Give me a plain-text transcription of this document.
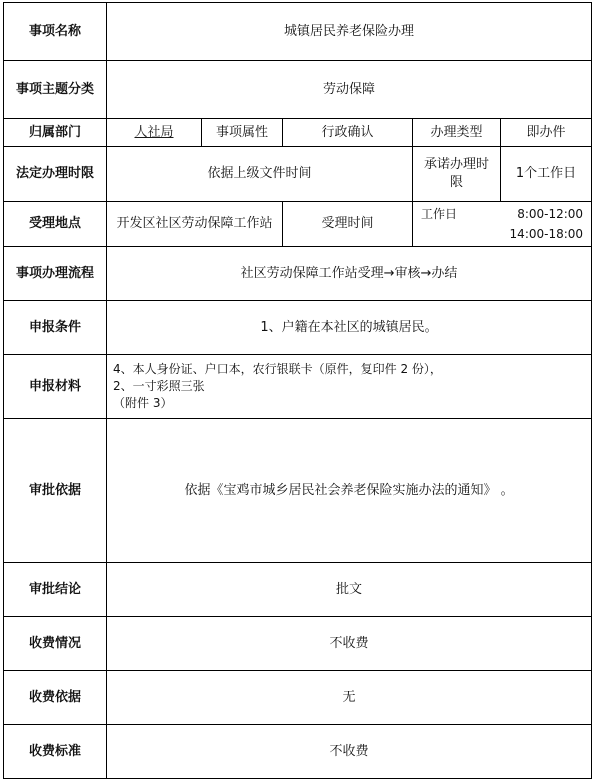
事项名称	城镇居民养老保险办理				
事项主题分类	劳动保障				
归属部门	人社局	事项属性	行政确认	办理类型	即办件
法定办理时限	依据上级文件时间			承诺办理时限	1个工作日
受理地点	开发区社区劳动保障工作站		受理时间	工作日 8:00-12:00
14:00-18:00	

事项办理流程	社区劳动保障工作站受理→审核→办结				
申报条件	1、户籍在本社区的城镇居民。				
申报材料	4、本人身份证、户口本，农行银联卡（原件，复印件 2 份），
2、一寸彩照三张
（附件 3）				

审批依据	依据《宝鸡市城乡居民社会养老保险实施办法的通知》 。				
审批结论	批文				
收费情况	不收费				
收费依据	无				
收费标准	不收费				
